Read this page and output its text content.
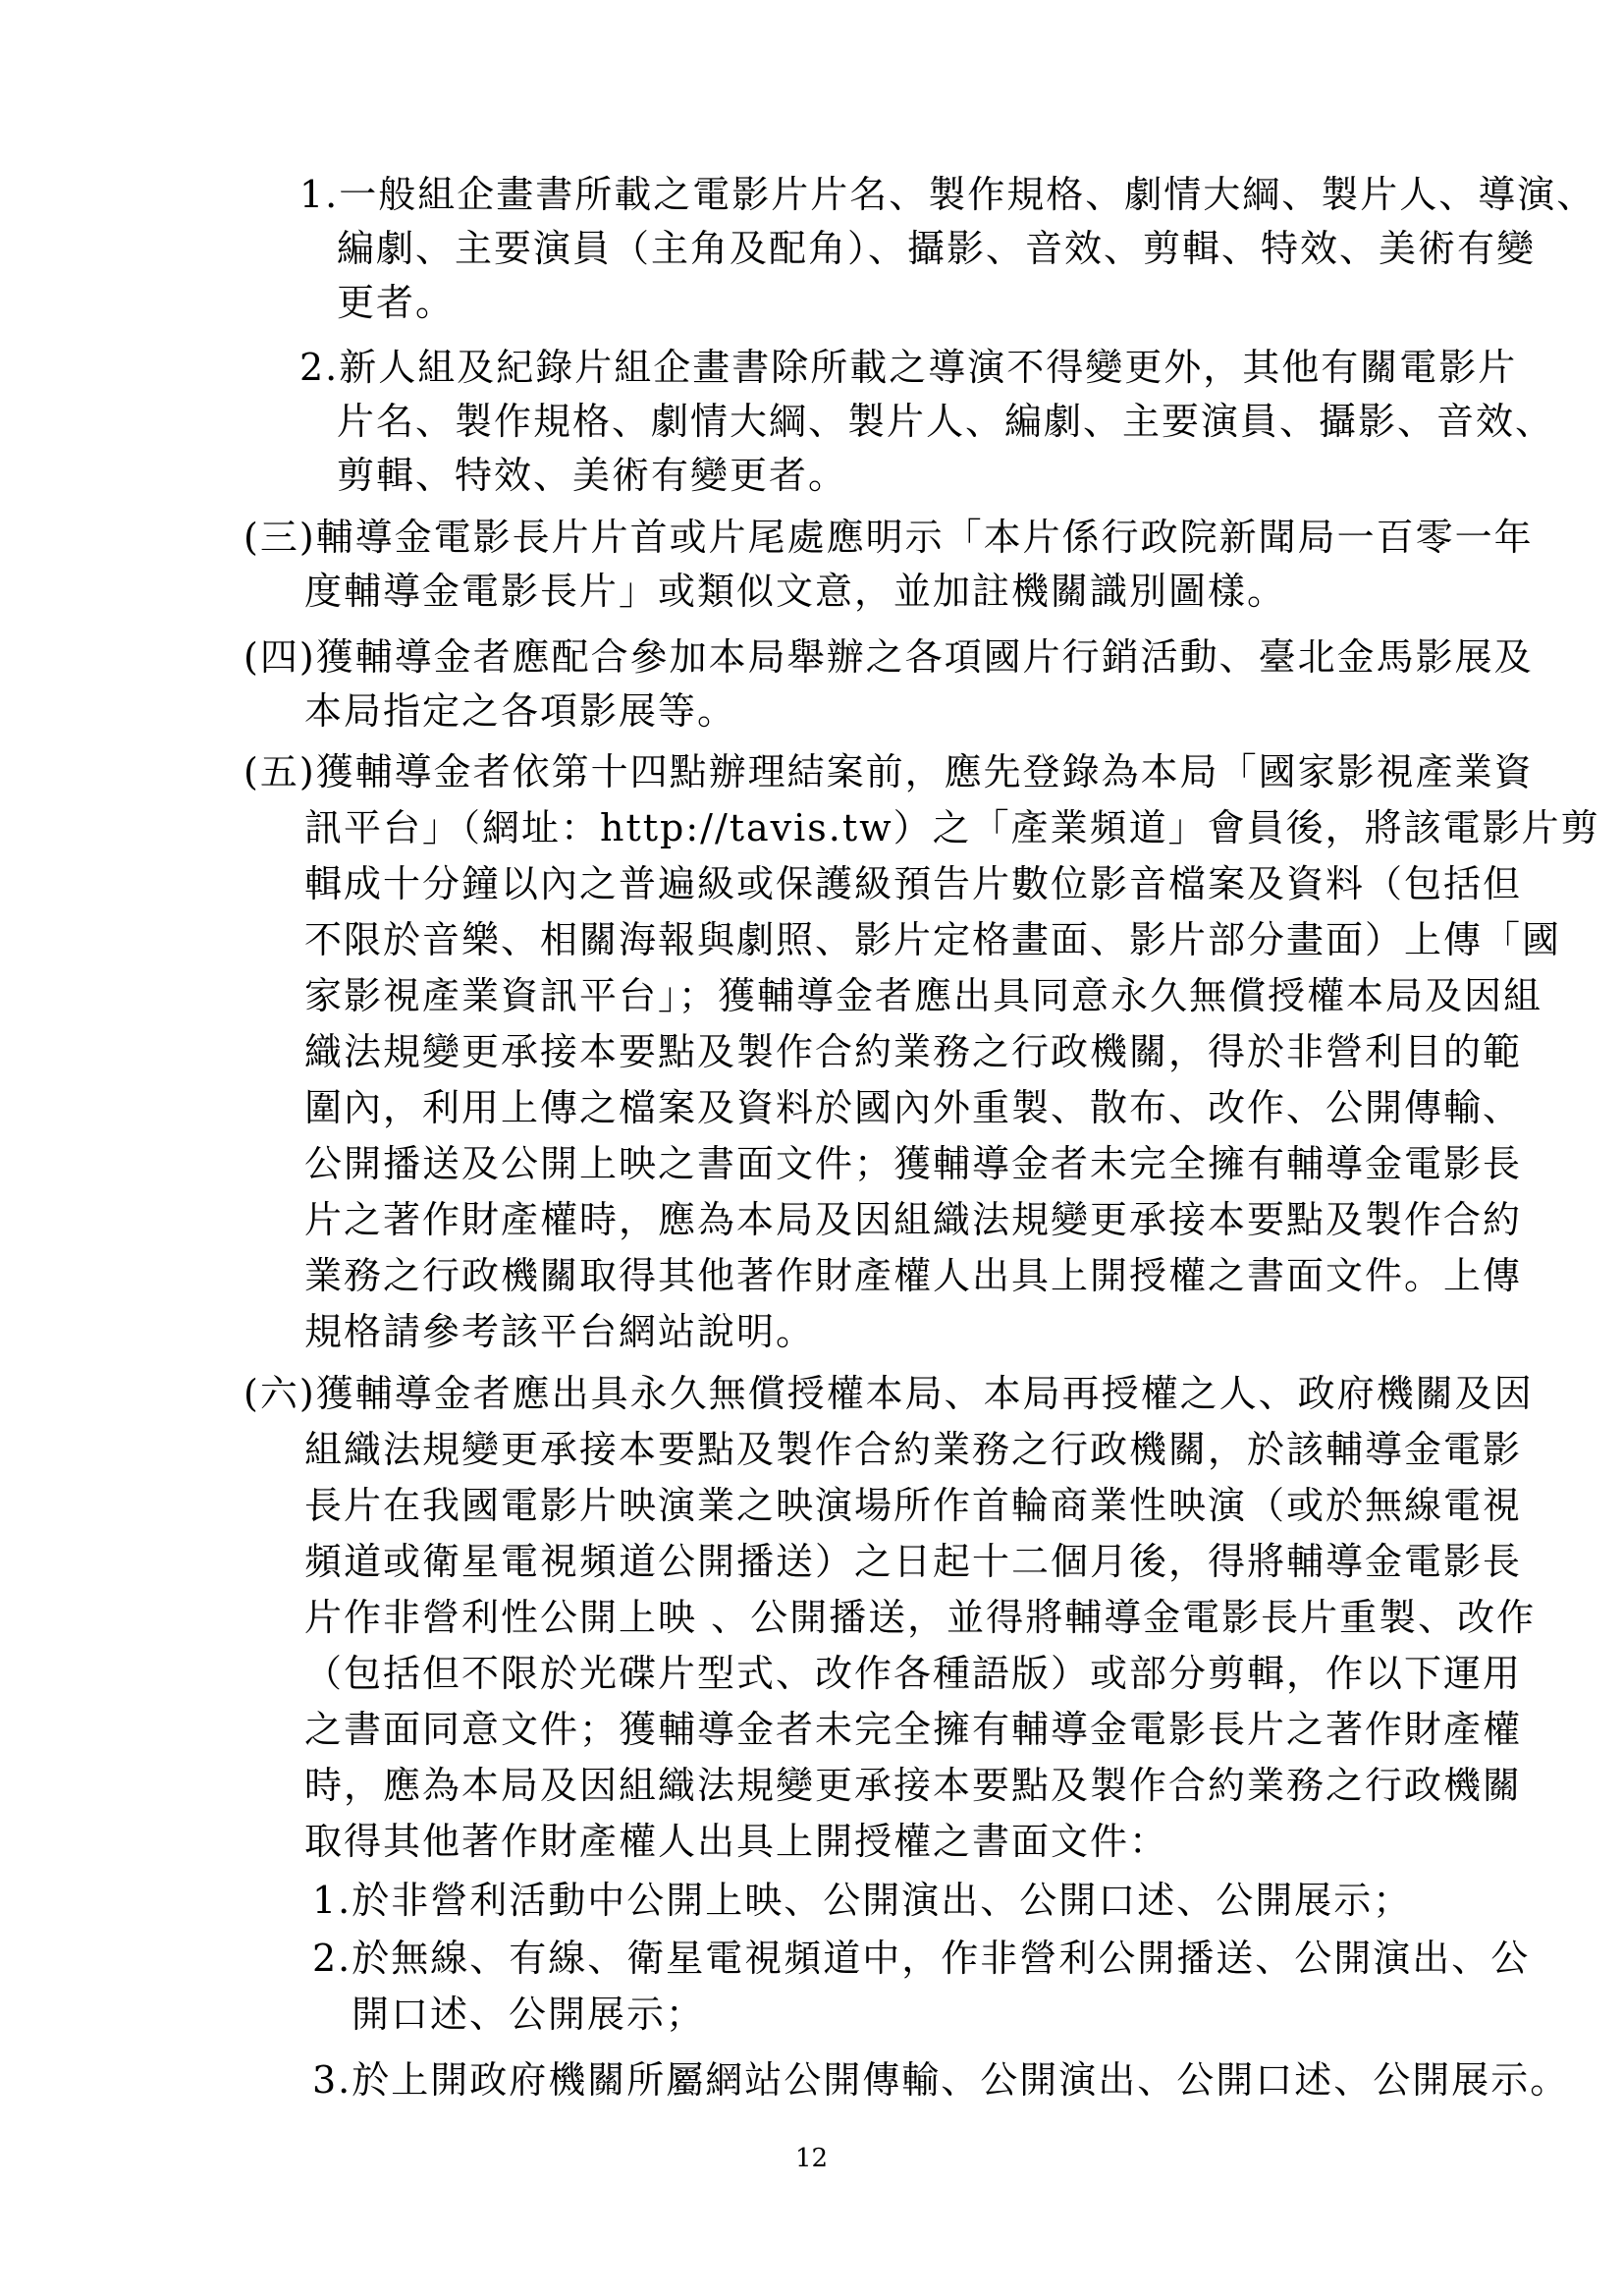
1.一般組企畫書所載之電影片片名、製作規格、劇情大綱、製片人、導演、
編劇、主要演員（主角及配角）、攝影、音效、剪輯、特效、美術有變
更者。
2.新人組及紀錄片組企畫書除所載之導演不得變更外，其他有關電影片
片名、製作規格、劇情大綱、製片人、編劇、主要演員、攝影、音效、
剪輯、特效、美術有變更者。
(三)輔導金電影長片片首或片尾處應明示「本片係行政院新聞局一百零一年
度輔導金電影長片」或類似文意，並加註機關識別圖樣。
(四)獲輔導金者應配合參加本局舉辦之各項國片行銷活動、臺北金馬影展及
本局指定之各項影展等。
(五)獲輔導金者依第十四點辦理結案前，應先登錄為本局「國家影視產業資
訊平台」（網址：http://tavis.tw）之「產業頻道」會員後，將該電影片剪
輯成十分鐘以內之普遍級或保護級預告片數位影音檔案及資料（包括但
不限於音樂、相關海報與劇照、影片定格畫面、影片部分畫面）上傳「國
家影視產業資訊平台」；獲輔導金者應出具同意永久無償授權本局及因組
織法規變更承接本要點及製作合約業務之行政機關，得於非營利目的範
圍內，利用上傳之檔案及資料於國內外重製、散布、改作、公開傳輸、
公開播送及公開上映之書面文件；獲輔導金者未完全擁有輔導金電影長
片之著作財產權時，應為本局及因組織法規變更承接本要點及製作合約
業務之行政機關取得其他著作財產權人出具上開授權之書面文件。上傳
規格請參考該平台網站說明。
(六)獲輔導金者應出具永久無償授權本局、本局再授權之人、政府機關及因
組織法規變更承接本要點及製作合約業務之行政機關，於該輔導金電影
長片在我國電影片映演業之映演場所作首輪商業性映演（或於無線電視
頻道或衛星電視頻道公開播送）之日起十二個月後，得將輔導金電影長
片作非營利性公開上映 、公開播送，並得將輔導金電影長片重製、改作
（包括但不限於光碟片型式、改作各種語版）或部分剪輯，作以下運用
之書面同意文件；獲輔導金者未完全擁有輔導金電影長片之著作財產權
時，應為本局及因組織法規變更承接本要點及製作合約業務之行政機關
取得其他著作財產權人出具上開授權之書面文件：
1.於非營利活動中公開上映、公開演出、公開口述、公開展示；
2.於無線、有線、衛星電視頻道中，作非營利公開播送、公開演出、公
開口述、公開展示；
3.於上開政府機關所屬網站公開傳輸、公開演出、公開口述、公開展示。
12
